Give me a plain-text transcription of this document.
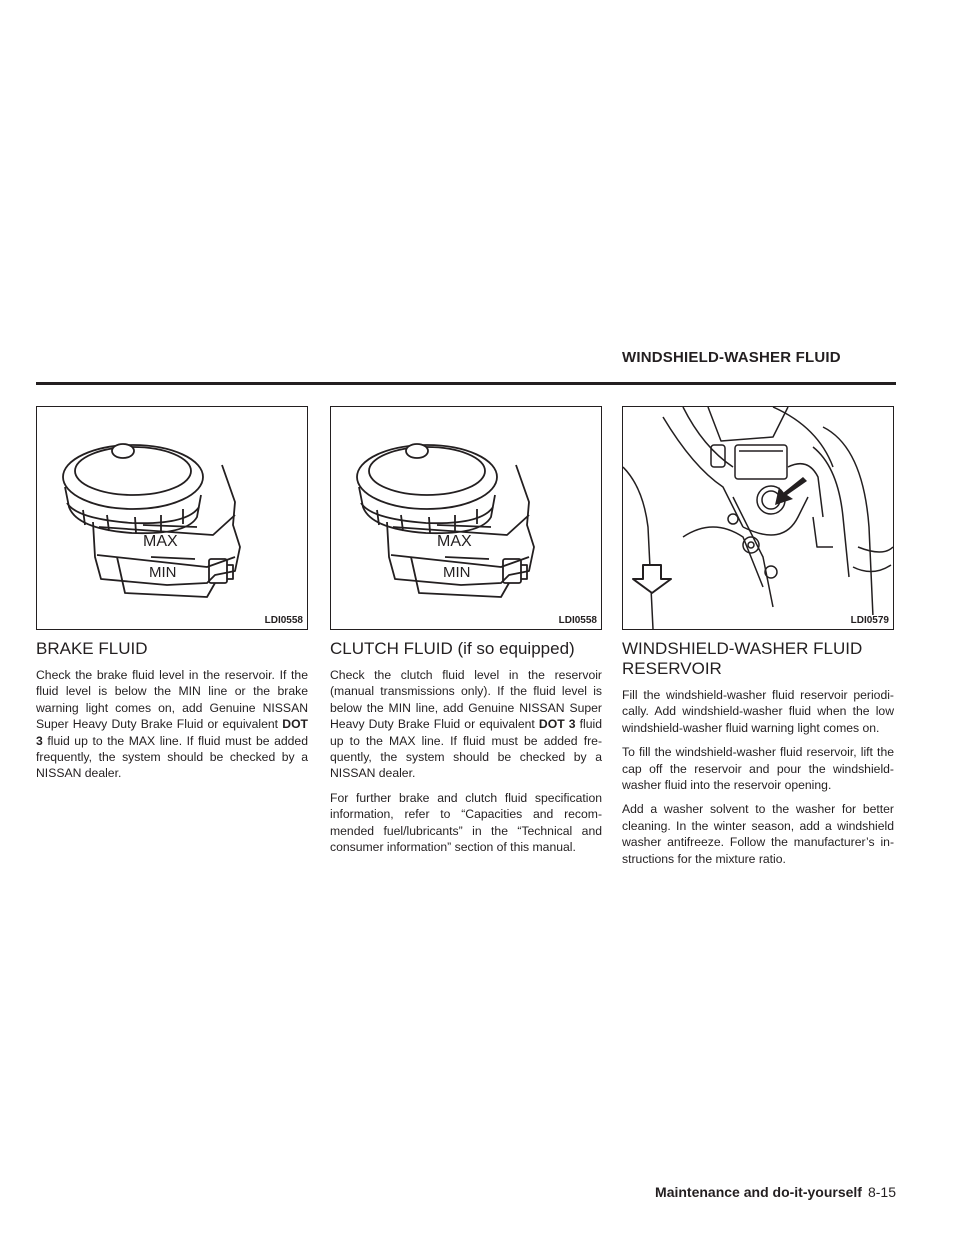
WINDSHIELD-WASHER FLUID
MAX
MIN
LDI0558
BRAKE FLUID

Check the brake fluid level in the reservoir. If the fluid level is below the MIN line or the brake warning light comes on, add Genuine NISSAN Super Heavy Duty Brake Fluid or equivalent DOT 3 fluid up to the MAX line. If fluid must be added frequently, the system should be checked by a NISSAN dealer.

MAX
MIN
LDI0558
CLUTCH FLUID (if so equipped)

Check the clutch fluid level in the reservoir (manual transmissions only). If the fluid level is below the MIN line, add Genuine NISSAN Super Heavy Duty Brake Fluid or equivalent DOT 3 fluid up to the MAX line. If fluid must be added fre-quently, the system should be checked by a NISSAN dealer.

For further brake and clutch fluid specification information, refer to “Capacities and recom-mended fuel/lubricants” in the “Technical and consumer information” section of this manual.

LDI0579
WINDSHIELD-WASHER FLUID RESERVOIR

Fill the windshield-washer fluid reservoir periodi-cally. Add windshield-washer fluid when the low windshield-washer fluid warning light comes on.

To fill the windshield-washer fluid reservoir, lift the cap off the reservoir and pour the windshield-washer fluid into the reservoir opening.

Add a washer solvent to the washer for better cleaning. In the winter season, add a windshield washer antifreeze. Follow the manufacturer’s in-structions for the mixture ratio.

Maintenance and do-it-yourself 8-15
